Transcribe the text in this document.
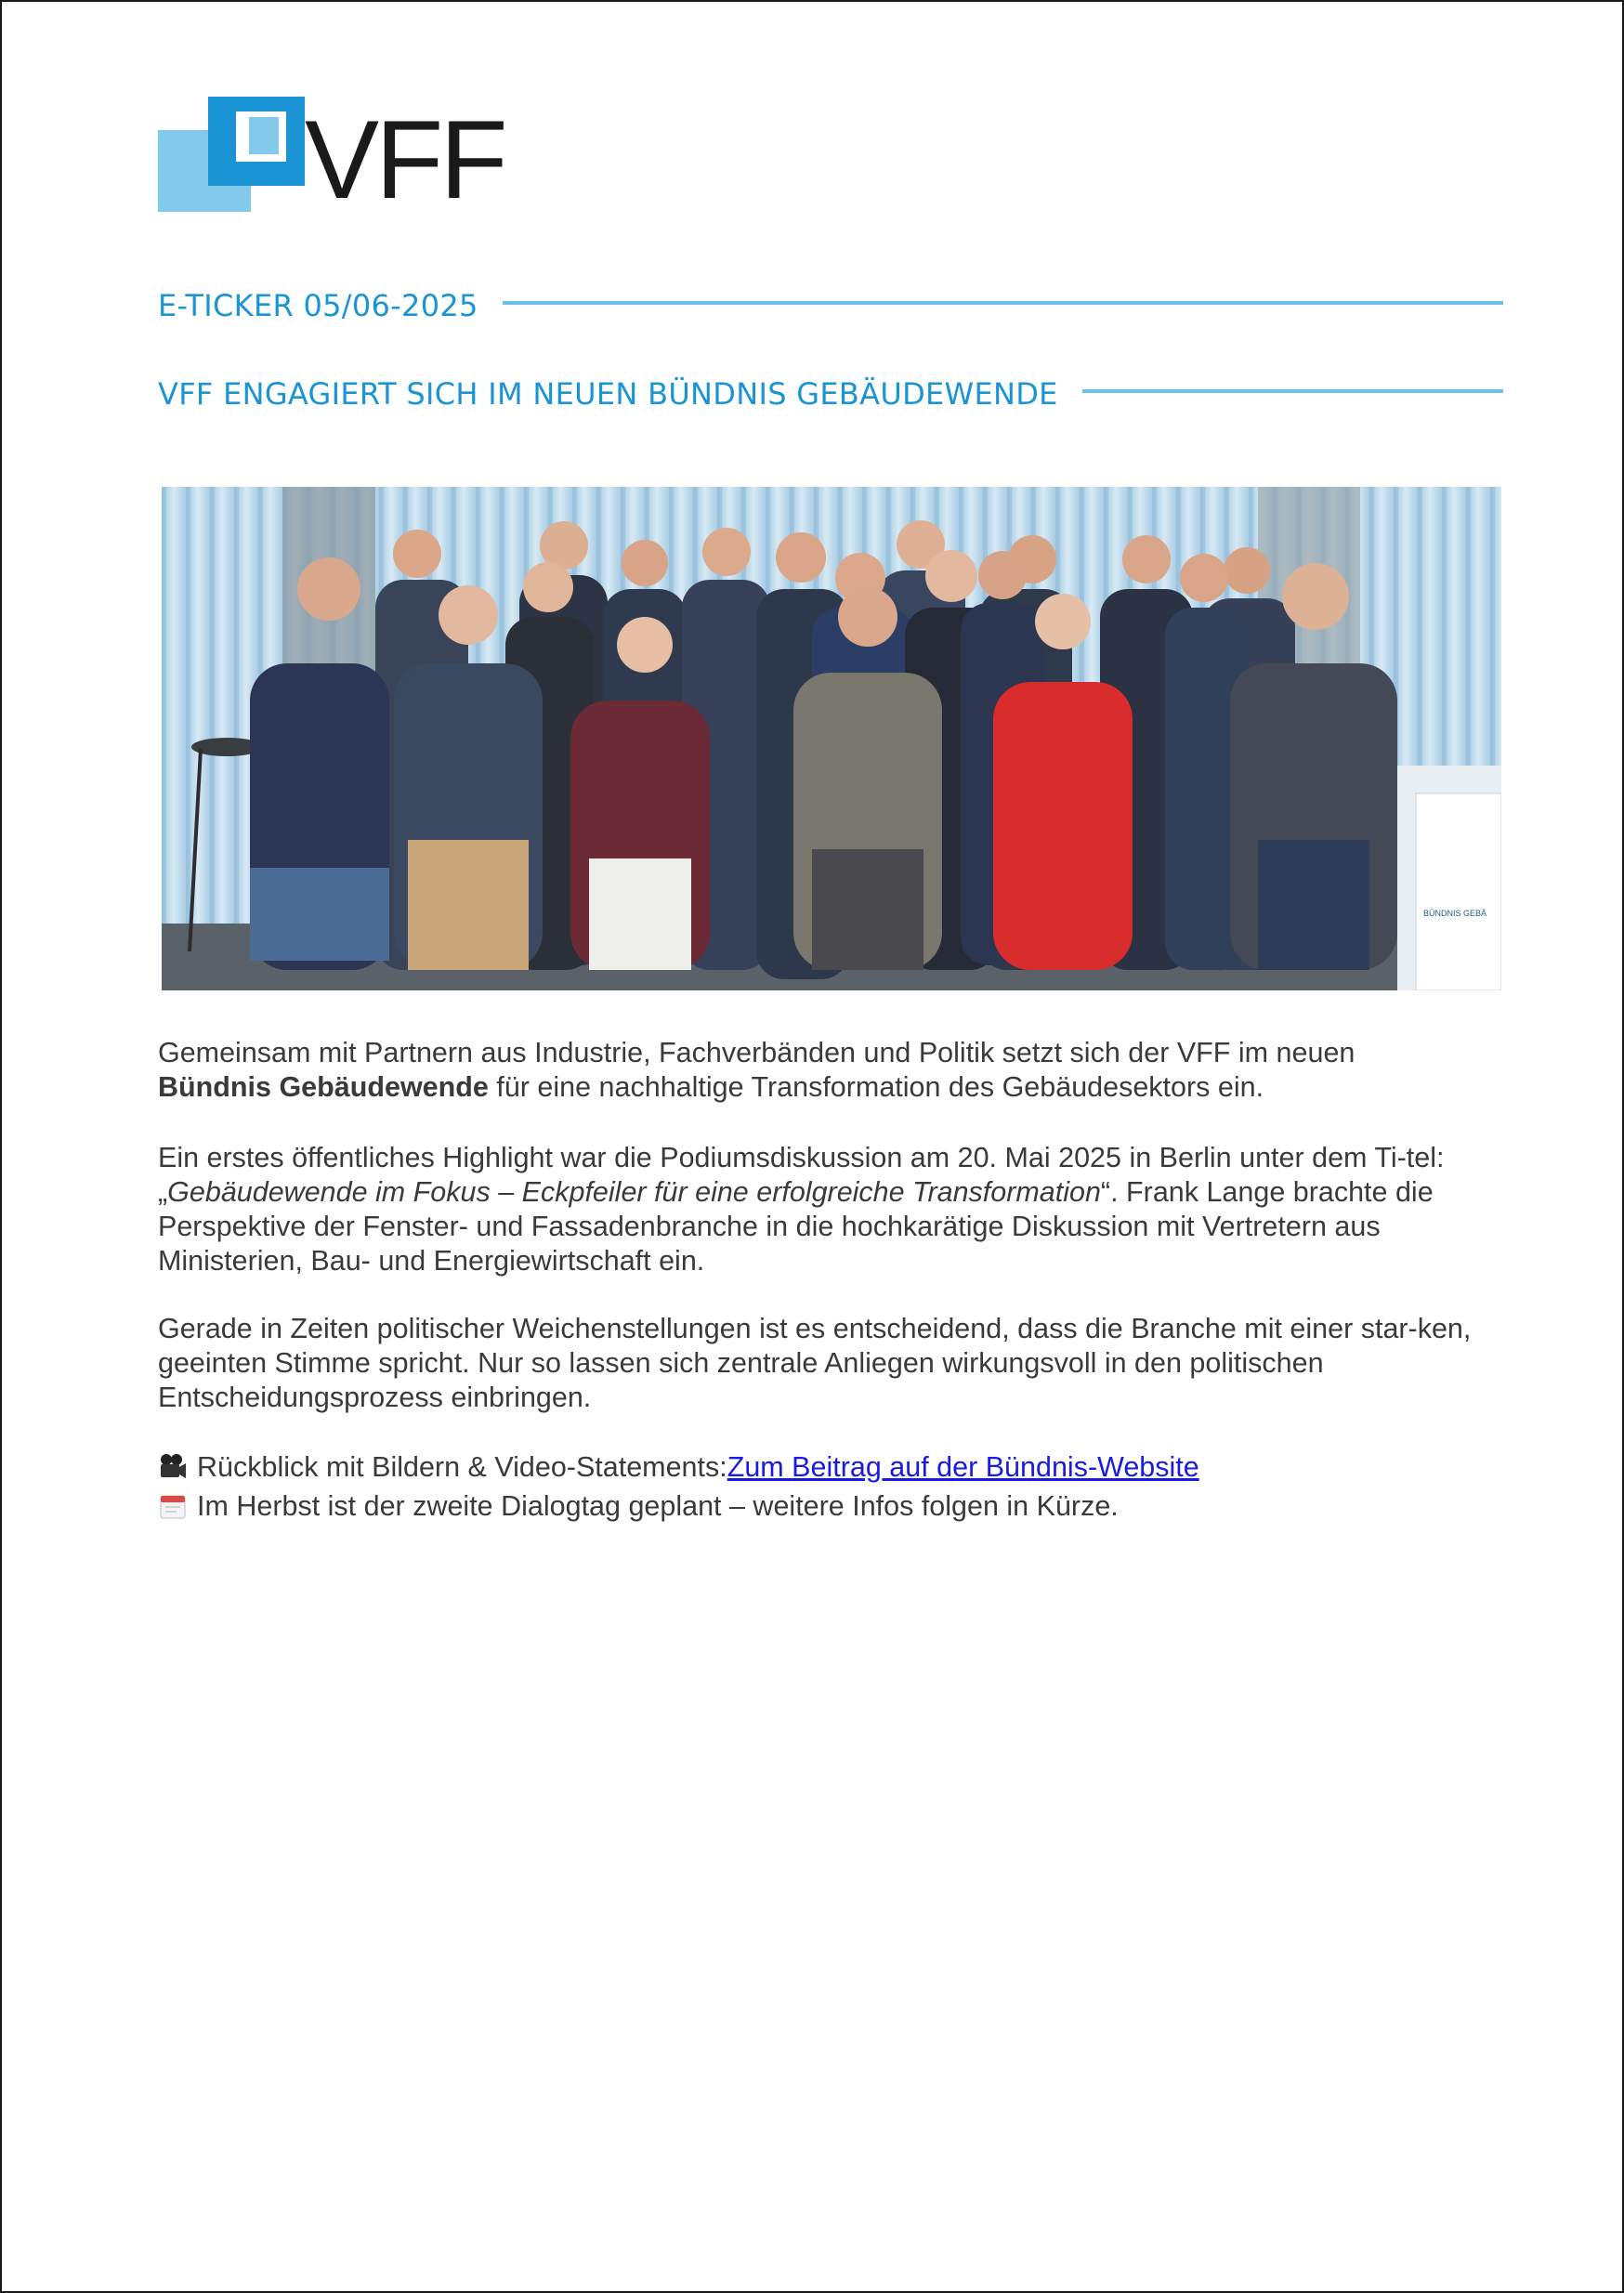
VFF
E-TICKER 05/06-2025
VFF ENGAGIERT SICH IM NEUEN BÜNDNIS GEBÄUDEWENDE
BÜNDNIS GEBÄ

Gemeinsam mit Partnern aus Industrie, Fachverbänden und Politik setzt sich der VFF im neuen
Bündnis Gebäudewende für eine nachhaltige Transformation des Gebäudesektors ein.

Ein erstes öffentliches Highlight war die Podiumsdiskussion am 20. Mai 2025 in Berlin unter dem Ti-tel: „Gebäudewende im Fokus – Eckpfeiler für eine erfolgreiche Transformation“. Frank Lange brachte die Perspektive der Fenster- und Fassadenbranche in die hochkarätige Diskussion mit Vertretern aus Ministerien, Bau- und Energiewirtschaft ein.

Gerade in Zeiten politischer Weichenstellungen ist es entscheidend, dass die Branche mit einer star-ken, geeinten Stimme spricht. Nur so lassen sich zentrale Anliegen wirkungsvoll in den politischen Entscheidungsprozess einbringen.

Rückblick mit Bildern & Video-Statements: Zum Beitrag auf der Bündnis-Website
Im Herbst ist der zweite Dialogtag geplant – weitere Infos folgen in Kürze.
